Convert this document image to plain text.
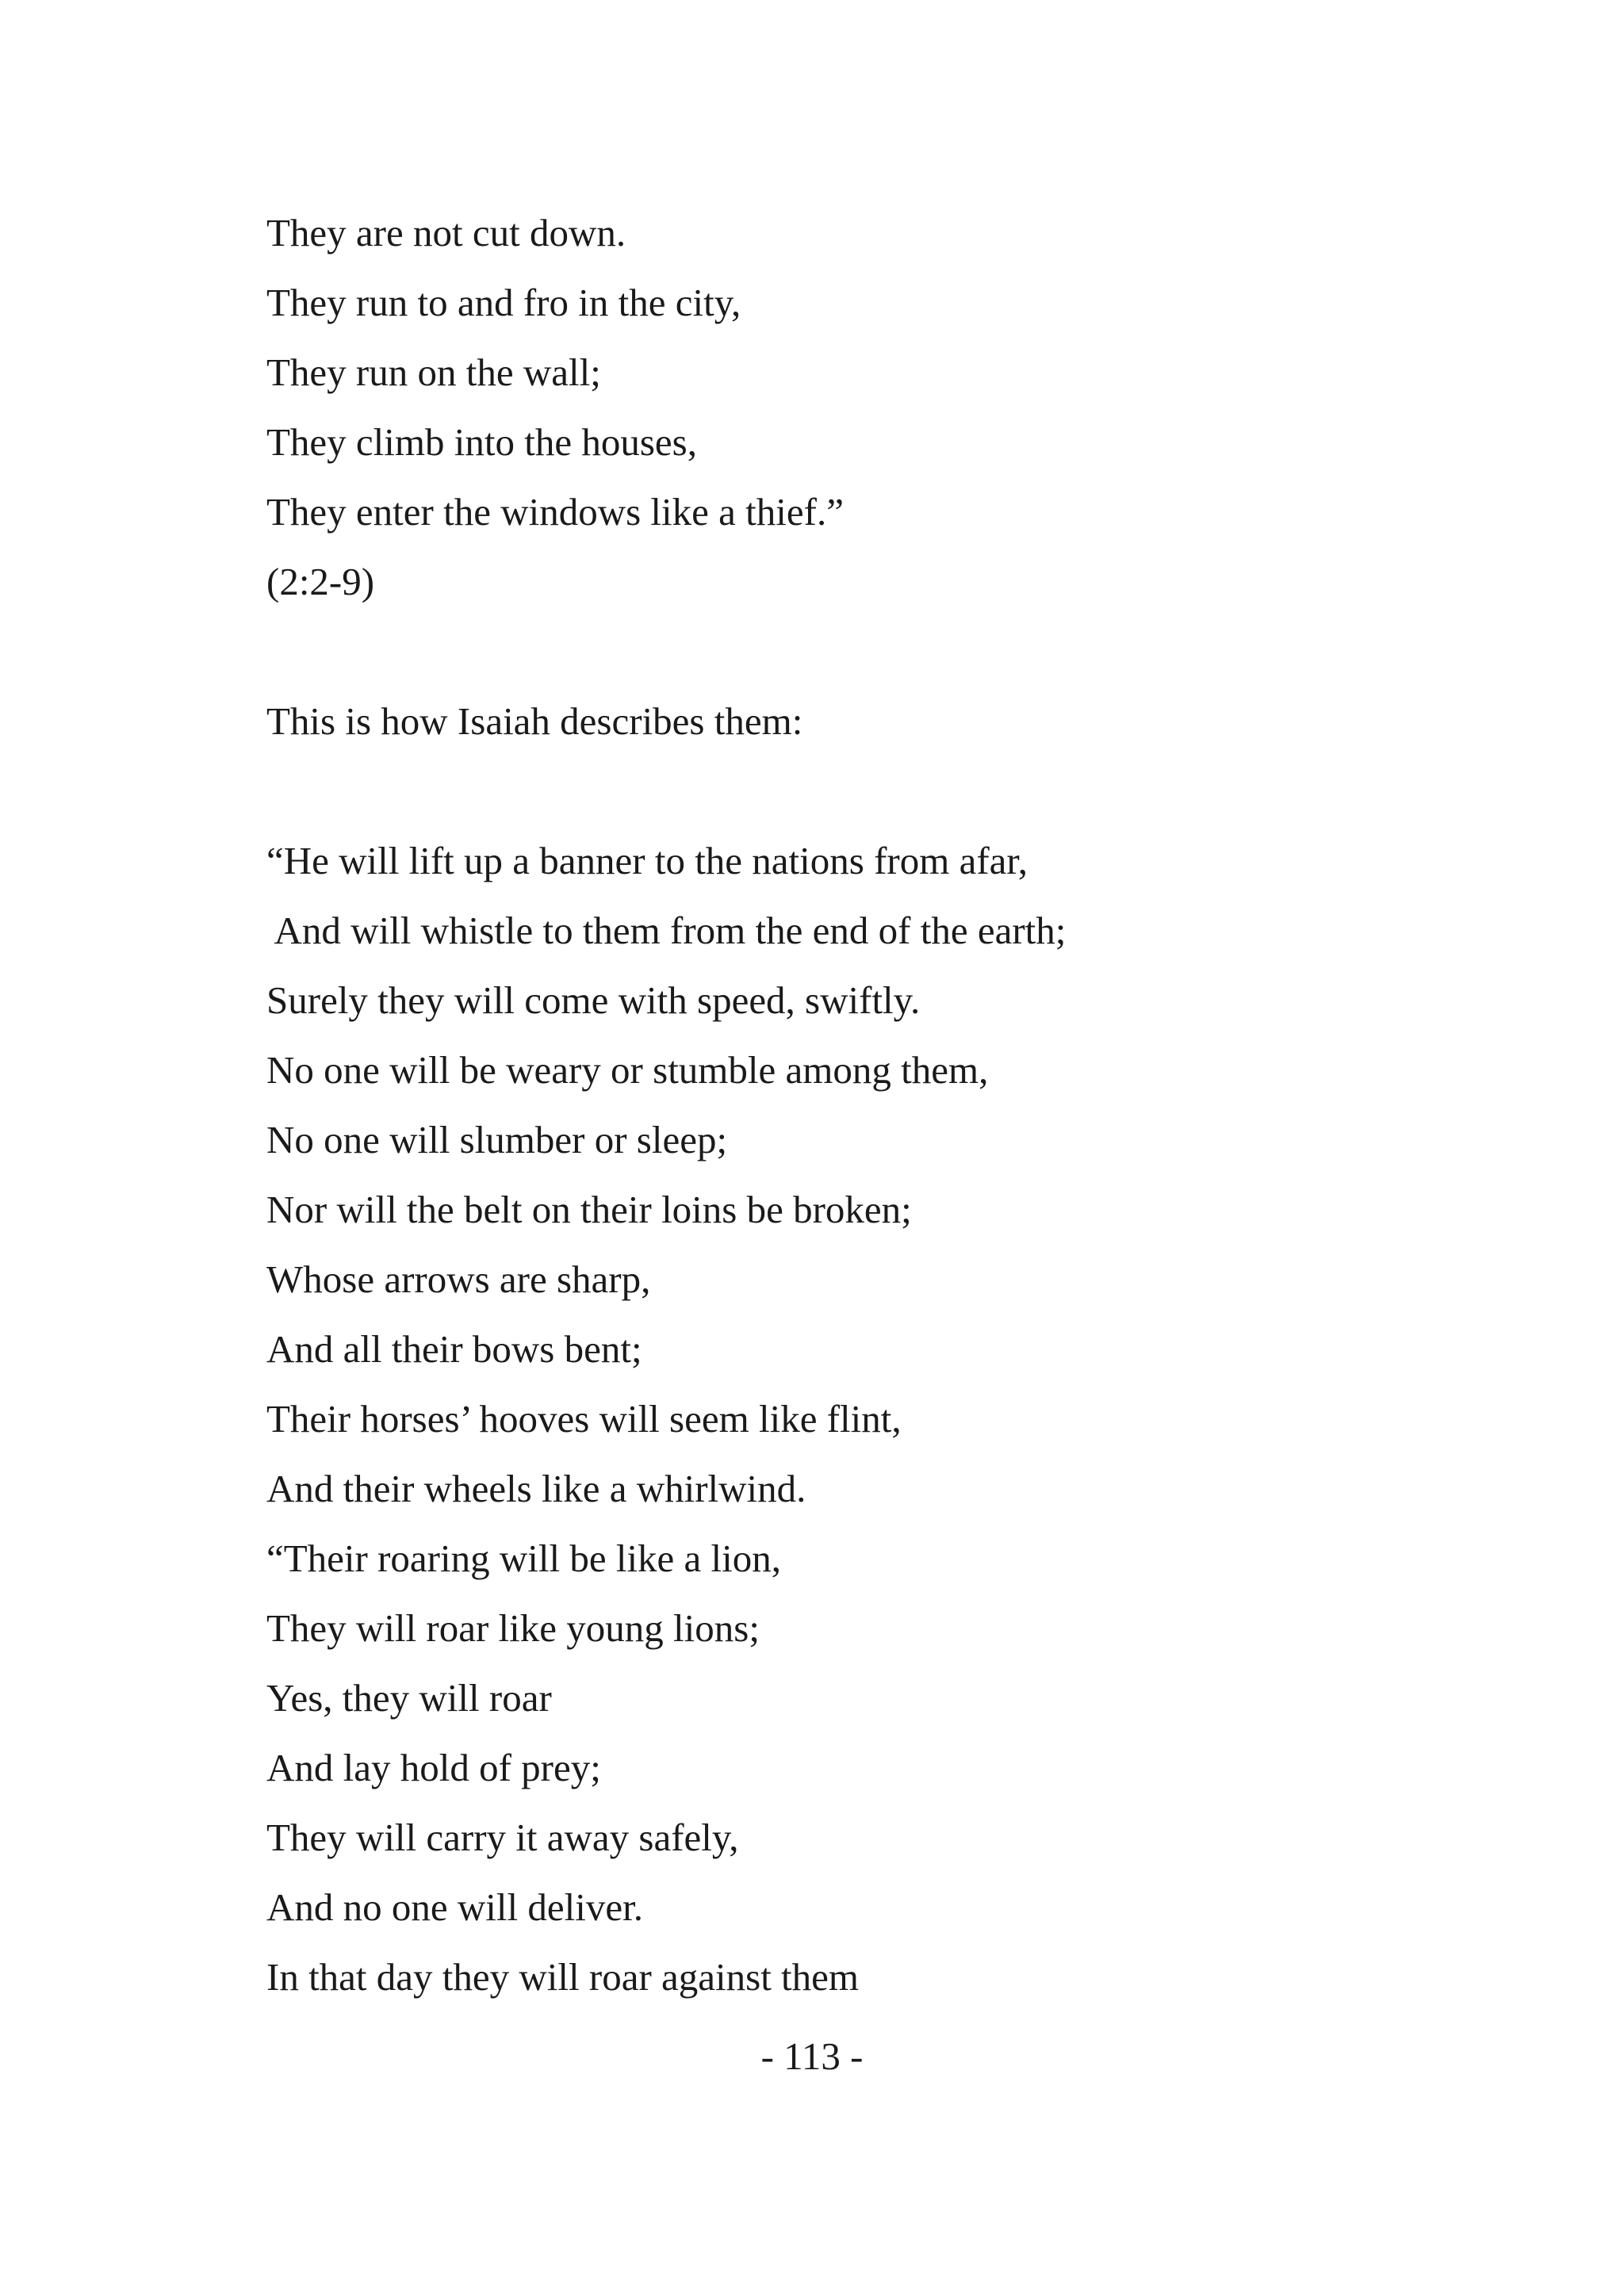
They are not cut down.
They run to and fro in the city,
They run on the wall;
They climb into the houses,
They enter the windows like a thief.”
(2:2-9)
This is how Isaiah describes them:
“He will lift up a banner to the nations from afar,
And will whistle to them from the end of the earth;
Surely they will come with speed, swiftly.
No one will be weary or stumble among them,
No one will slumber or sleep;
Nor will the belt on their loins be broken;
Whose arrows are sharp,
And all their bows bent;
Their horses’ hooves will seem like flint,
And their wheels like a whirlwind.
“Their roaring will be like a lion,
They will roar like young lions;
Yes, they will roar
And lay hold of prey;
They will carry it away safely,
And no one will deliver.
In that day they will roar against them
- 113 -
